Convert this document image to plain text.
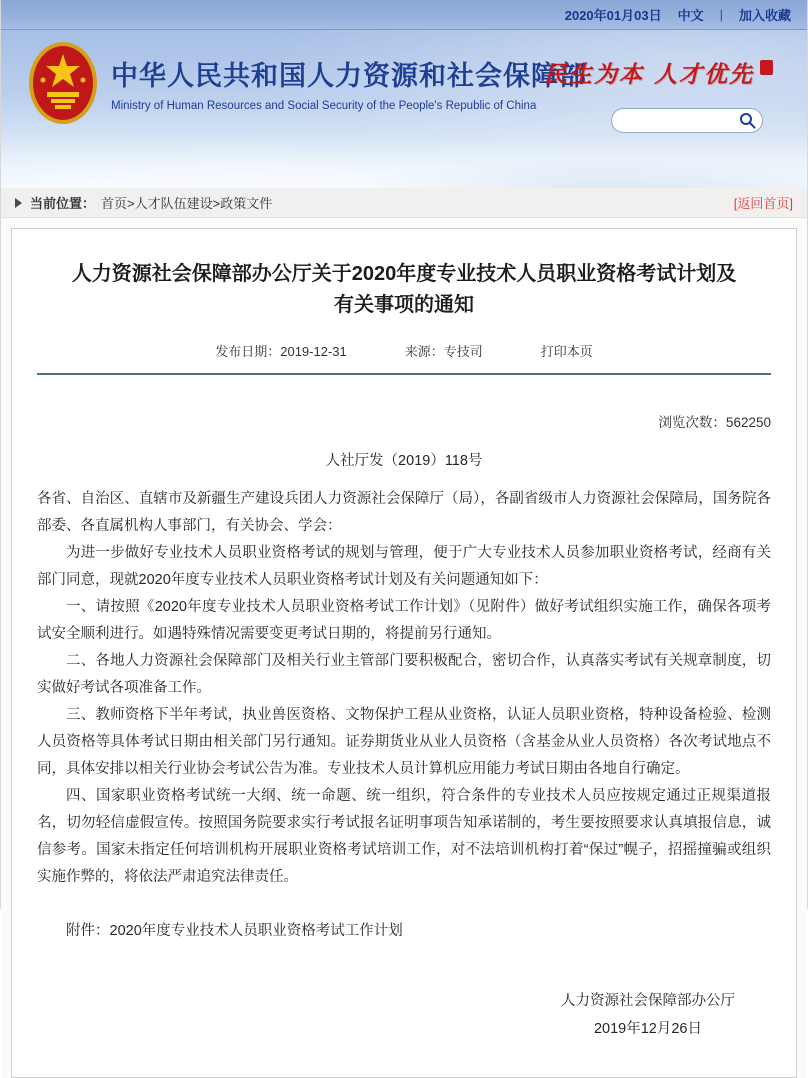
2020年01月03日 中文 | 加入收藏
中华人民共和国人力资源和社会保障部
Ministry of Human Resources and Social Security of the People's Republic of China
民生为本 人才优先
当前位置： 首页>人才队伍建设>政策文件	[返回首页]
人力资源社会保障部办公厅关于2020年度专业技术人员职业资格考试计划及有关事项的通知
发布日期：2019-12-31	来源：专技司	打印本页
浏览次数：562250
人社厅发（2019）118号

各省、自治区、直辖市及新疆生产建设兵团人力资源社会保障厅（局），各副省级市人力资源社会保障局，国务院各部委、各直属机构人事部门，有关协会、学会：

为进一步做好专业技术人员职业资格考试的规划与管理，便于广大专业技术人员参加职业资格考试，经商有关部门同意，现就2020年度专业技术人员职业资格考试计划及有关问题通知如下：

一、请按照《2020年度专业技术人员职业资格考试工作计划》（见附件）做好考试组织实施工作，确保各项考试安全顺利进行。如遇特殊情况需要变更考试日期的，将提前另行通知。

二、各地人力资源社会保障部门及相关行业主管部门要积极配合，密切合作，认真落实考试有关规章制度，切实做好考试各项准备工作。

三、教师资格下半年考试，执业兽医资格、文物保护工程从业资格，认证人员职业资格，特种设备检验、检测人员资格等具体考试日期由相关部门另行通知。证券期货业从业人员资格（含基金从业人员资格）各次考试地点不同，具体安排以相关行业协会考试公告为准。专业技术人员计算机应用能力考试日期由各地自行确定。

四、国家职业资格考试统一大纲、统一命题、统一组织，符合条件的专业技术人员应按规定通过正规渠道报名，切勿轻信虚假宣传。按照国务院要求实行考试报名证明事项告知承诺制的，考生要按照要求认真填报信息，诚信参考。国家未指定任何培训机构开展职业资格考试培训工作，对不法培训机构打着“保过”幌子，招摇撞骗或组织实施作弊的，将依法严肃追究法律责任。

附件：2020年度专业技术人员职业资格考试工作计划
人力资源社会保障部办公厅
2019年12月26日
